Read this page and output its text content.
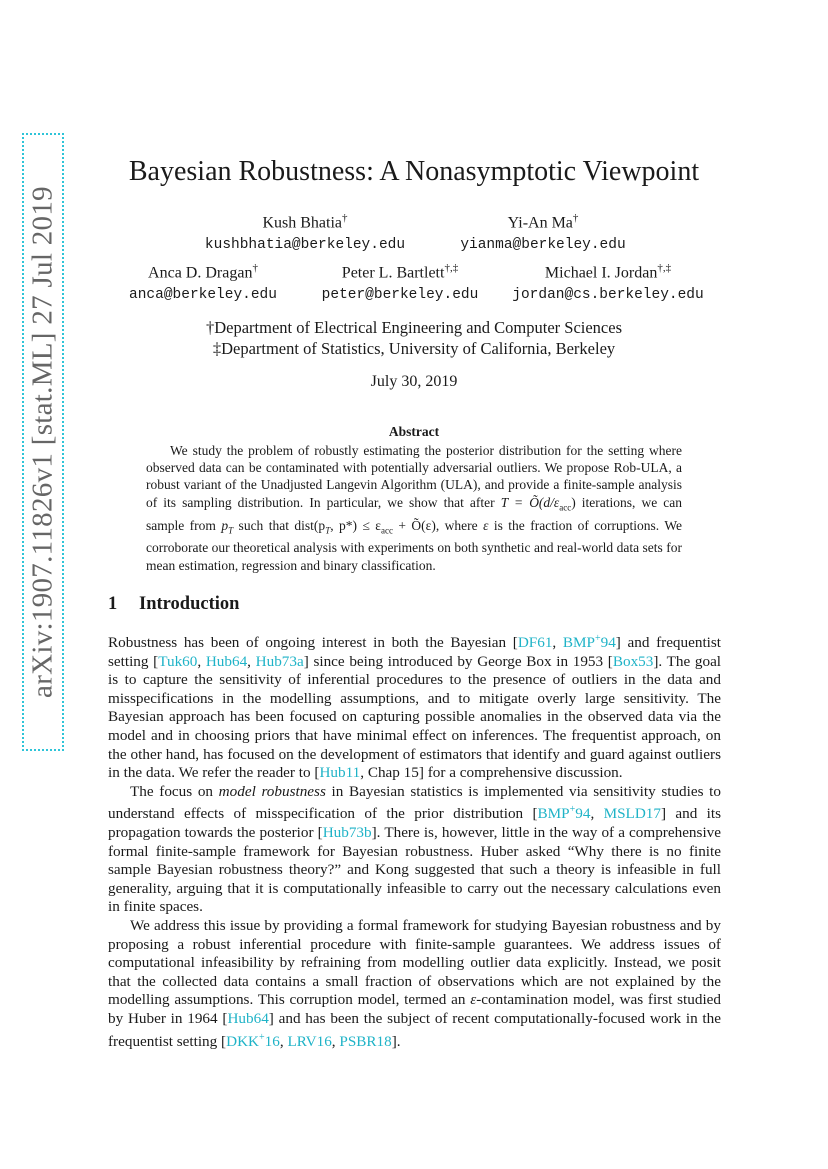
arXiv:1907.11826v1 [stat.ML] 27 Jul 2019
Bayesian Robustness: A Nonasymptotic Viewpoint
Kush Bhatia†
kushbhatia@berkeley.edu
Yi-An Ma†
yianma@berkeley.edu
Anca D. Dragan†
anca@berkeley.edu
Peter L. Bartlett†,‡
peter@berkeley.edu
Michael I. Jordan†,‡
jordan@cs.berkeley.edu
†Department of Electrical Engineering and Computer Sciences
‡Department of Statistics, University of California, Berkeley
July 30, 2019
Abstract
We study the problem of robustly estimating the posterior distribution for the setting where observed data can be contaminated with potentially adversarial outliers. We propose Rob-ULA, a robust variant of the Unadjusted Langevin Algorithm (ULA), and provide a finite-sample analysis of its sampling distribution. In particular, we show that after $T = Õ(d/\varepsilon_{acc})$ iterations, we can sample from $p_T$ such that $dist(p_T$, $p*) \le \varepsilon_{acc}$ + Õ(ε), where ε is the fraction of corruptions. We corroborate our theoretical analysis with experiments on both synthetic and real-world data sets for mean estimation, regression and binary classification.
1 Introduction

Robustness has been of ongoing interest in both the Bayesian [DF61, BMP+94] and frequentist setting [Tuk60, Hub64, Hub73a] since being introduced by George Box in 1953 [Box53]. The goal is to capture the sensitivity of inferential procedures to the presence of outliers in the data and misspecifications in the modelling assumptions, and to mitigate overly large sensitivity. The Bayesian approach has been focused on capturing possible anomalies in the observed data via the model and in choosing priors that have minimal effect on inferences. The frequentist approach, on the other hand, has focused on the development of estimators that identify and guard against outliers in the data. We refer the reader to [Hub11, Chap 15] for a comprehensive discussion.

The focus on model robustness in Bayesian statistics is implemented via sensitivity studies to understand effects of misspecification of the prior distribution [BMP+94, MSLD17] and its propagation towards the posterior [Hub73b]. There is, however, little in the way of a comprehensive formal finite-sample framework for Bayesian robustness. Huber asked “Why there is no finite sample Bayesian robustness theory?” and Kong suggested that such a theory is infeasible in full generality, arguing that it is computationally infeasible to carry out the necessary calculations even in finite spaces.

We address this issue by providing a formal framework for studying Bayesian robustness and by proposing a robust inferential procedure with finite-sample guarantees. We address issues of computational infeasibility by refraining from modelling outlier data explicitly. Instead, we posit that the collected data contains a small fraction of observations which are not explained by the modelling assumptions. This corruption model, termed an ε-contamination model, was first studied by Huber in 1964 [Hub64] and has been the subject of recent computationally-focused work in the frequentist setting [DKK+16, LRV16, PSBR18].
